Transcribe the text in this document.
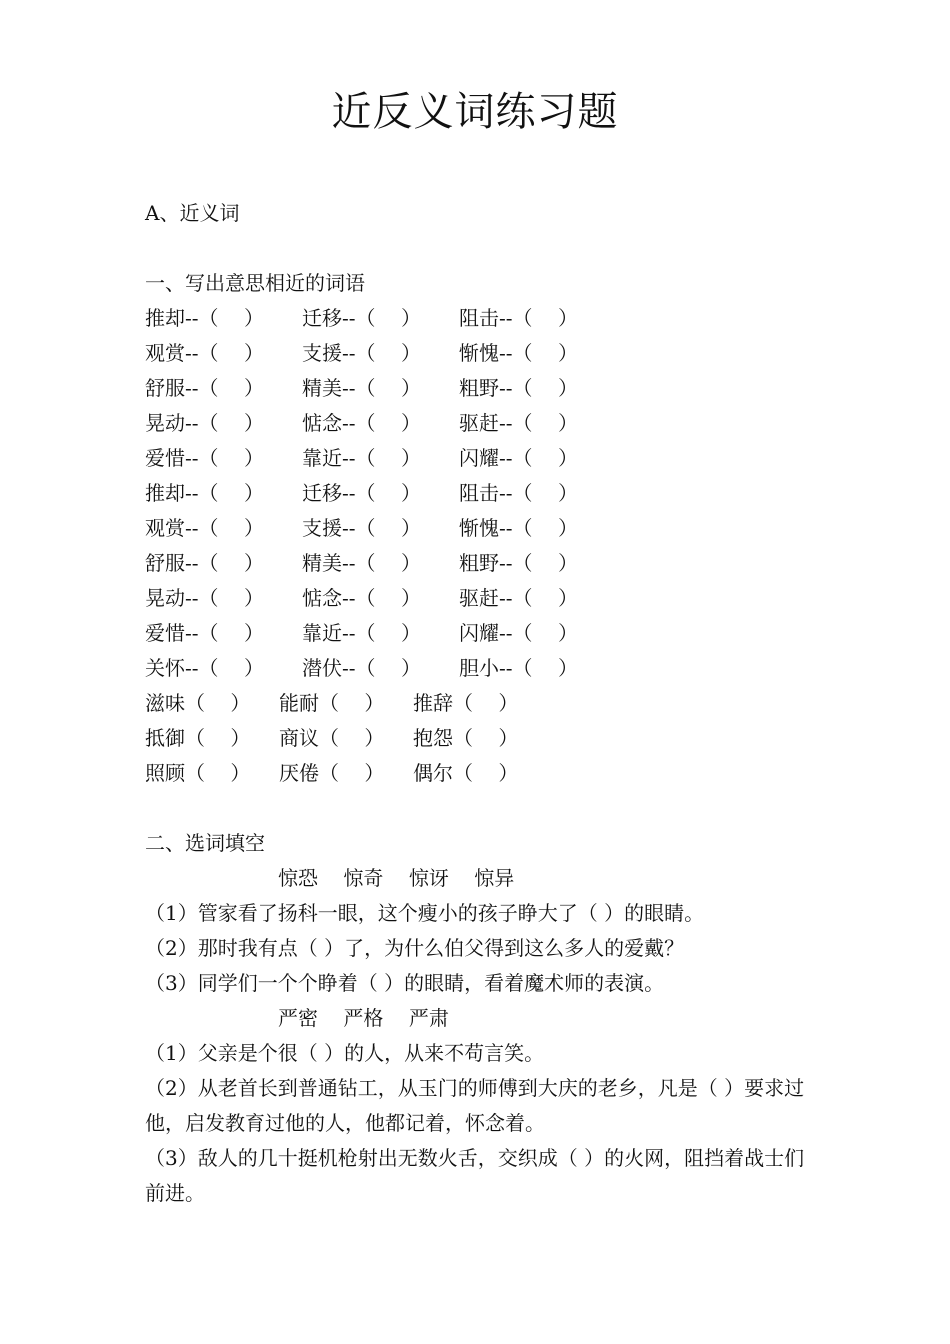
近反义词练习题
A、近义词
一、写出意思相近的词语
推却--（    ） 迁移--（    ） 阻击--（    ）
观赏--（    ） 支援--（    ） 惭愧--（    ）
舒服--（    ） 精美--（    ） 粗野--（    ）
晃动--（    ） 惦念--（    ） 驱赶--（    ）
爱惜--（    ） 靠近--（    ） 闪耀--（    ）
推却--（    ） 迁移--（    ） 阻击--（    ）
观赏--（    ） 支援--（    ） 惭愧--（    ）
舒服--（    ） 精美--（    ） 粗野--（    ）
晃动--（    ） 惦念--（    ） 驱赶--（    ）
爱惜--（    ） 靠近--（    ） 闪耀--（    ）
关怀--（    ） 潜伏--（    ） 胆小--（    ）
滋味（    ） 能耐（    ） 推辞（    ）
抵御（    ） 商议（    ） 抱怨（    ）
照顾（    ） 厌倦（    ） 偶尔（    ）
二、选词填空
惊恐    惊奇    惊讶    惊异
（1）管家看了扬科一眼，这个瘦小的孩子睁大了（ ）的眼睛。
（2）那时我有点（ ）了，为什么伯父得到这么多人的爱戴？
（3）同学们一个个睁着（ ）的眼睛，看着魔术师的表演。
严密    严格    严肃
（1）父亲是个很（ ）的人，从来不苟言笑。
（2）从老首长到普通钻工，从玉门的师傅到大庆的老乡，凡是（ ）要求过他，启发教育过他的人，他都记着，怀念着。
（3）敌人的几十挺机枪射出无数火舌，交织成（ ）的火网，阻挡着战士们前进。
